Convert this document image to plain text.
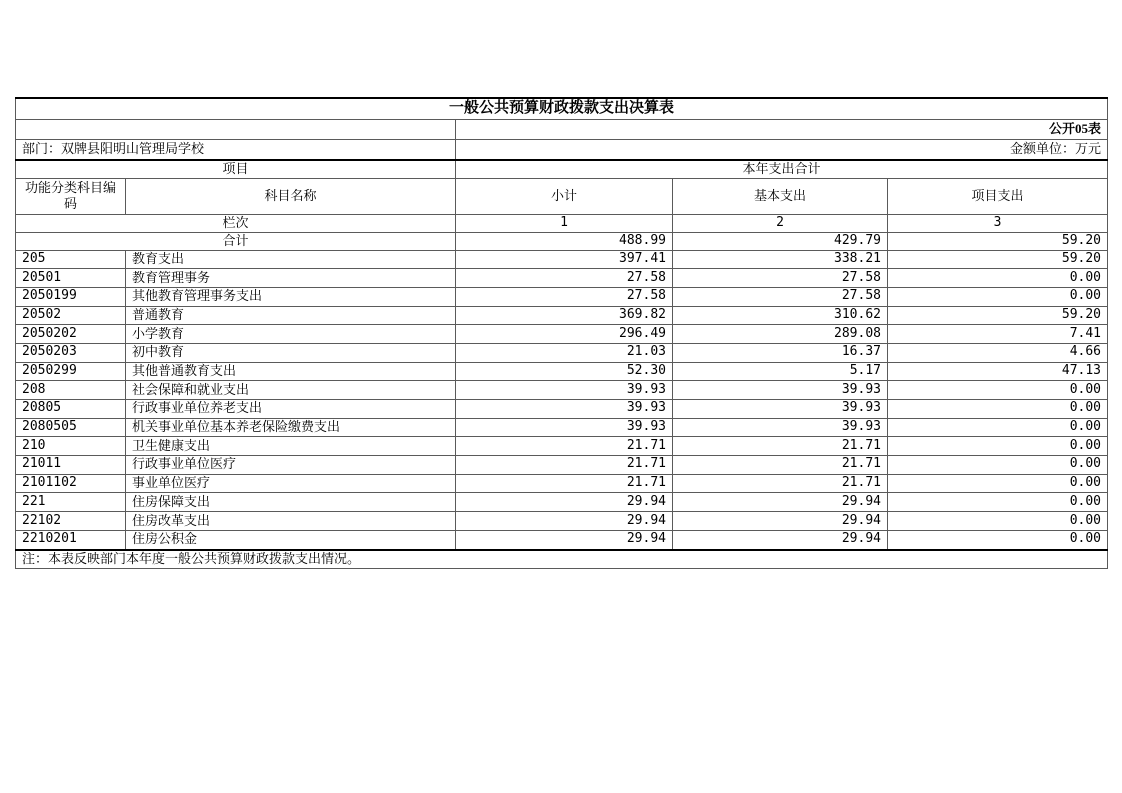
一般公共预算财政拨款支出决算表				
		公开05表		
部门：双牌县阳明山管理局学校		金额单位：万元		
项目		本年支出合计		
功能分类科目编码	科目名称	小计	基本支出	项目支出
栏次		1	2	3
合计		488.99	429.79	59.20
205	教育支出	397.41	338.21	59.20
20501	教育管理事务	27.58	27.58	0.00
2050199	其他教育管理事务支出	27.58	27.58	0.00
20502	普通教育	369.82	310.62	59.20
2050202	小学教育	296.49	289.08	7.41
2050203	初中教育	21.03	16.37	4.66
2050299	其他普通教育支出	52.30	5.17	47.13
208	社会保障和就业支出	39.93	39.93	0.00
20805	行政事业单位养老支出	39.93	39.93	0.00
2080505	机关事业单位基本养老保险缴费支出	39.93	39.93	0.00
210	卫生健康支出	21.71	21.71	0.00
21011	行政事业单位医疗	21.71	21.71	0.00
2101102	事业单位医疗	21.71	21.71	0.00
221	住房保障支出	29.94	29.94	0.00
22102	住房改革支出	29.94	29.94	0.00
2210201	住房公积金	29.94	29.94	0.00
注：本表反映部门本年度一般公共预算财政拨款支出情况。				
